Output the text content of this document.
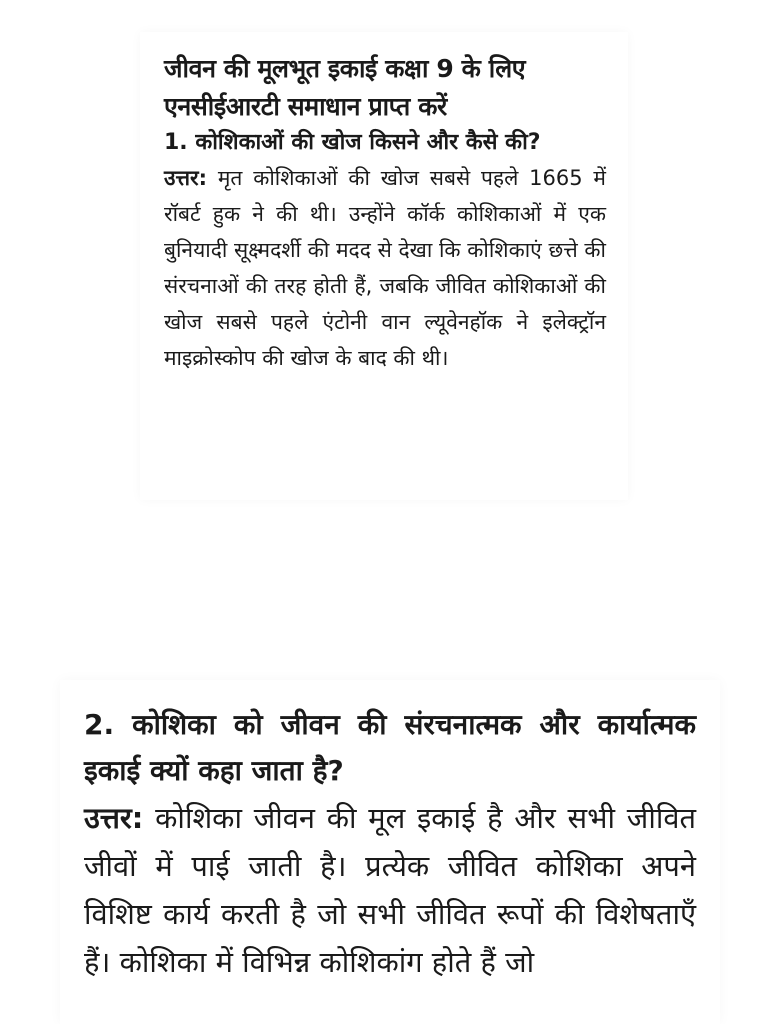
जीवन की मूलभूत इकाई कक्षा 9 के लिए एनसीईआरटी समाधान प्राप्त करें

1. कोशिकाओं की खोज किसने और कैसे की?

उत्तर: मृत कोशिकाओं की खोज सबसे पहले 1665 में रॉबर्ट हुक ने की थी। उन्होंने कॉर्क कोशिकाओं में एक बुनियादी सूक्ष्मदर्शी की मदद से देखा कि कोशिकाएं छत्ते की संरचनाओं की तरह होती हैं, जबकि जीवित कोशिकाओं की खोज सबसे पहले एंटोनी वान ल्यूवेनहॉक ने इलेक्ट्रॉन माइक्रोस्कोप की खोज के बाद की थी।

2. कोशिका को जीवन की संरचनात्मक और कार्यात्मक इकाई क्यों कहा जाता है?

उत्तर: कोशिका जीवन की मूल इकाई है और सभी जीवित जीवों में पाई जाती है। प्रत्येक जीवित कोशिका अपने विशिष्ट कार्य करती है जो सभी जीवित रूपों की विशेषताएँ हैं। कोशिका में विभिन्न कोशिकांग होते हैं जो
